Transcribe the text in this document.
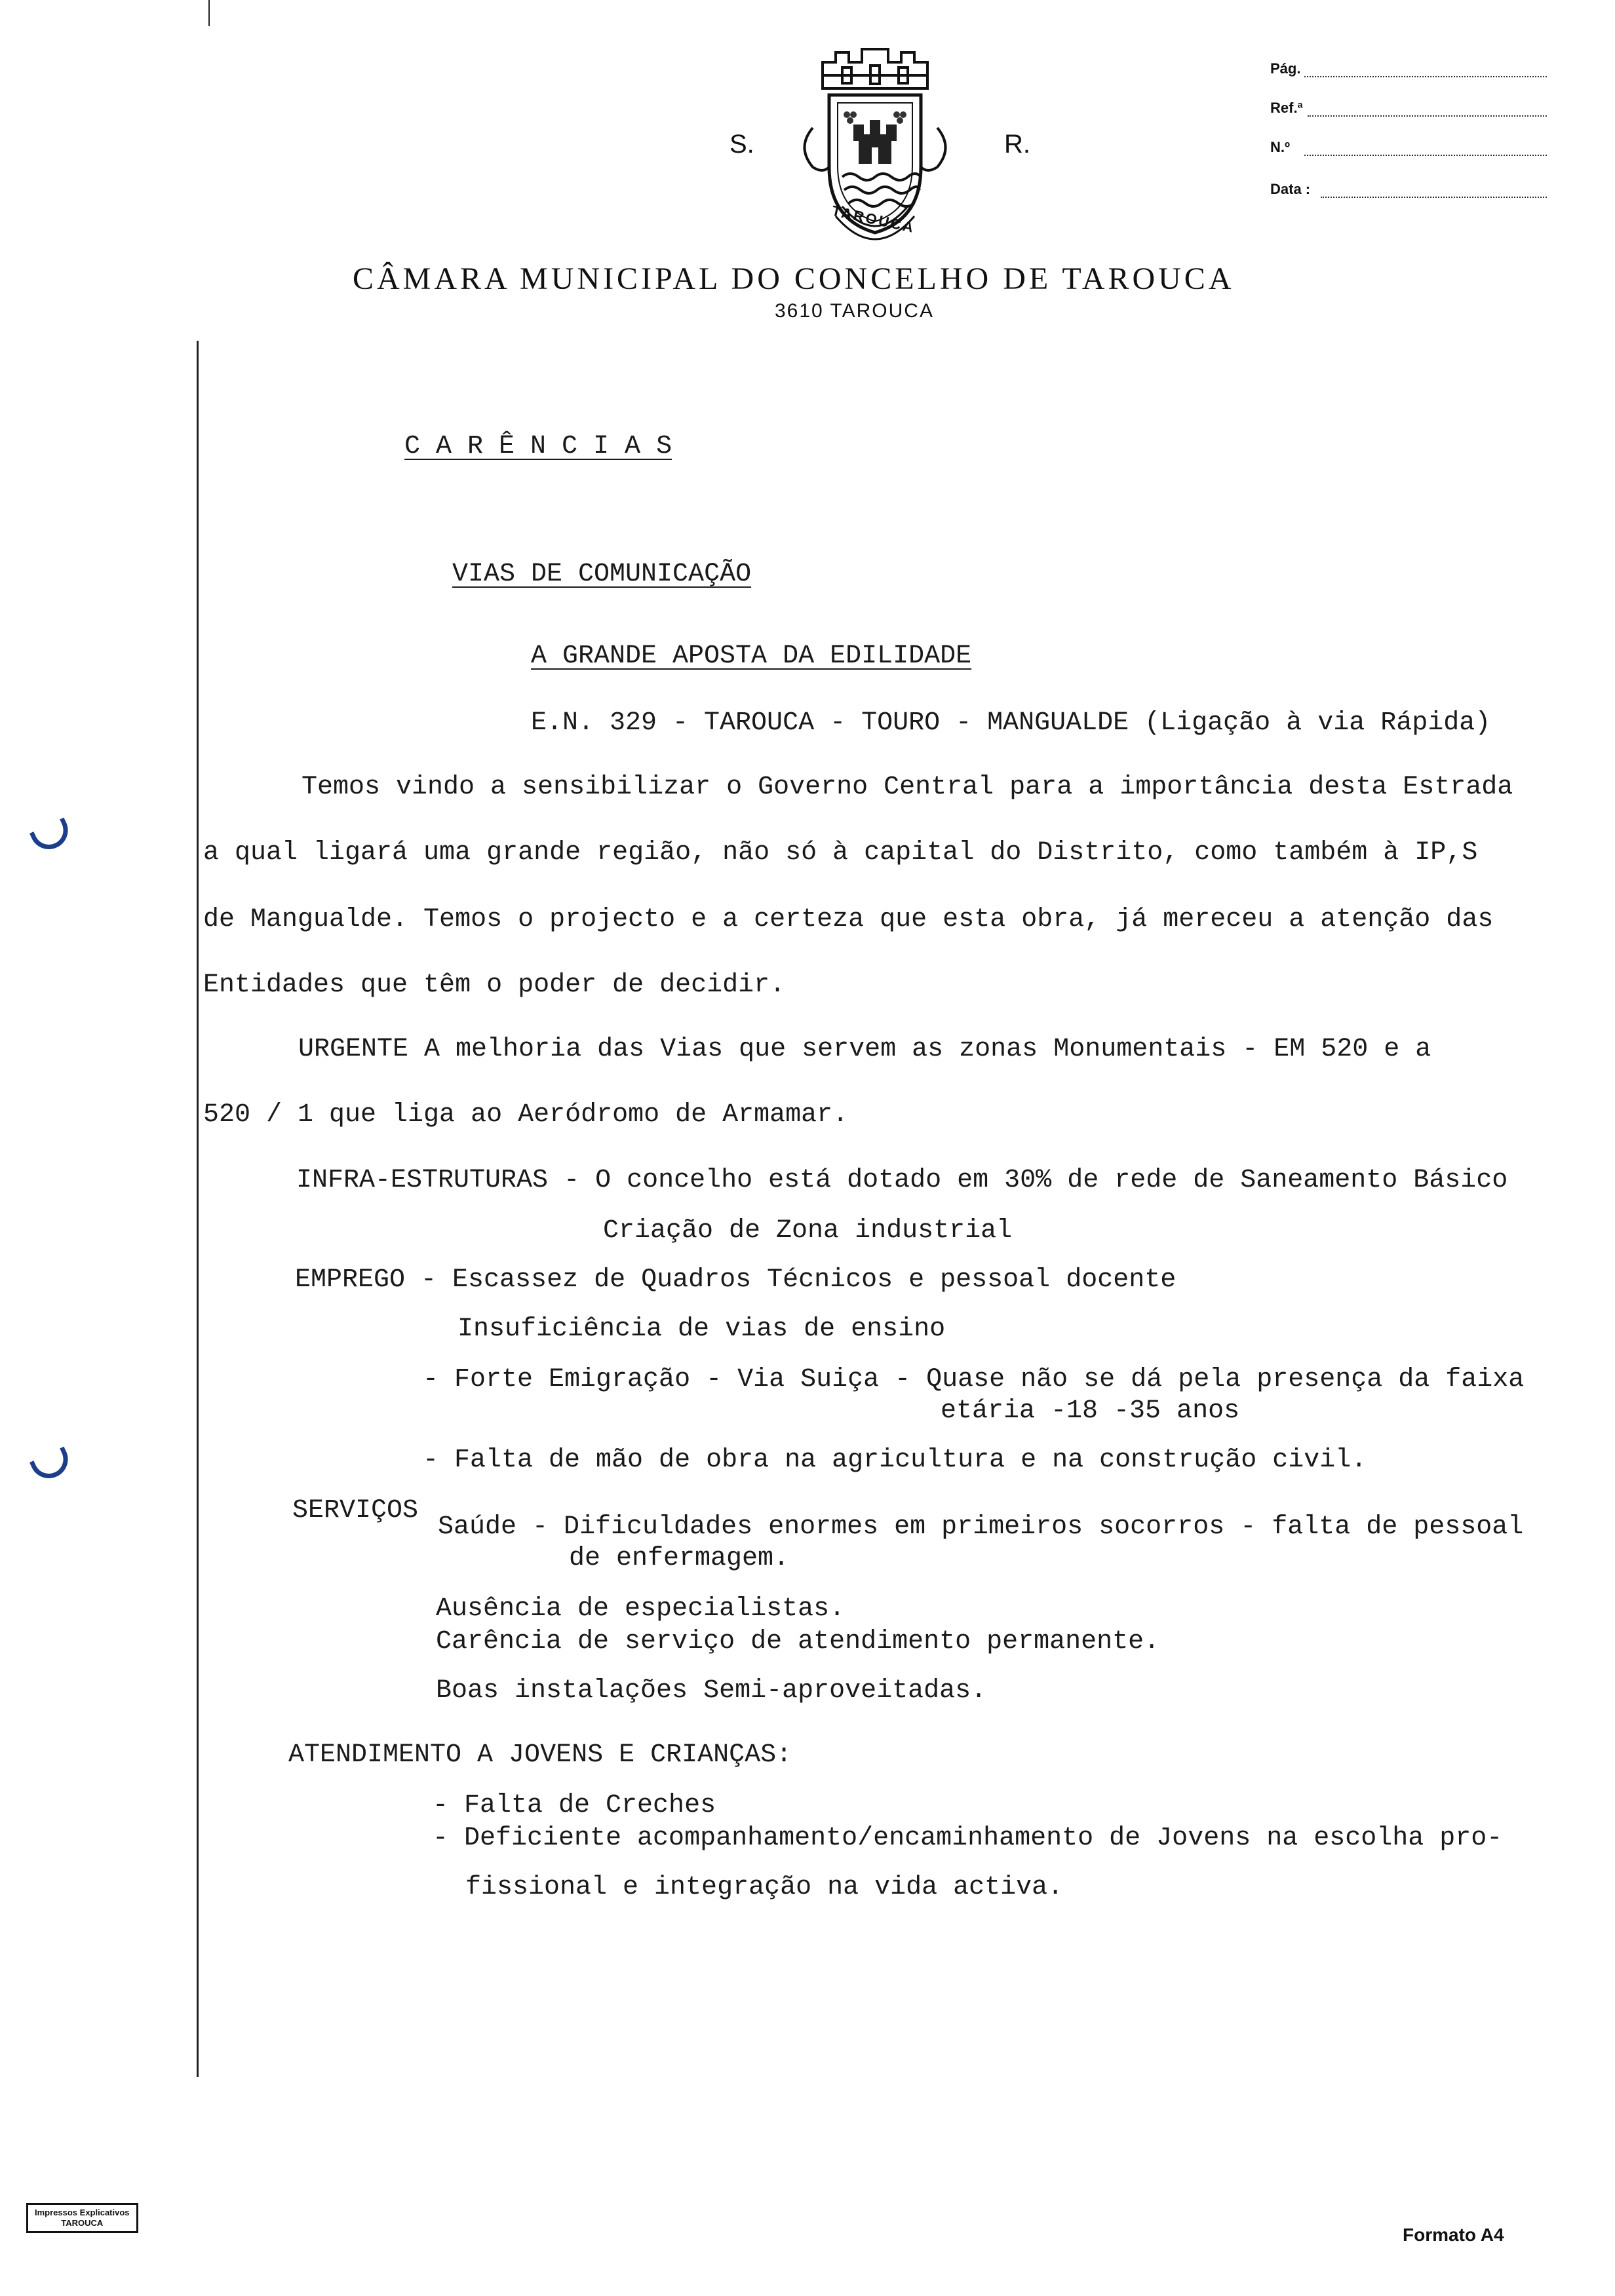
S.	R.
TAROUCA
Pág.
Ref.ª
N.º
Data :
CÂMARA MUNICIPAL DO CONCELHO DE TAROUCA
3610 TAROUCA
C A R Ê N C I A S
VIAS DE COMUNICAÇÃO
A GRANDE APOSTA DA EDILIDADE
E.N. 329 - TAROUCA - TOURO - MANGUALDE (Ligação à via Rápida)
Temos vindo a sensibilizar o Governo Central para a importância desta Estrada
a qual ligará uma grande região, não só à capital do Distrito, como também à IP,S
de Mangualde. Temos o projecto e a certeza que esta obra, já mereceu a atenção das
Entidades que têm o poder de decidir.
URGENTE A melhoria das Vias que servem as zonas Monumentais - EM 520 e a
520 / 1 que liga ao Aeródromo de Armamar.
INFRA-ESTRUTURAS - O concelho está dotado em 30% de rede de Saneamento Básico
Criação de Zona industrial
EMPREGO - Escassez de Quadros Técnicos e pessoal docente
Insuficiência de vias de ensino
- Forte Emigração - Via Suiça - Quase não se dá pela presença da faixa
etária -18 -35 anos
- Falta de mão de obra na agricultura e na construção civil.
SERVIÇOS
Saúde - Dificuldades enormes em primeiros socorros - falta de pessoal
de enfermagem.
Ausência de especialistas.
Carência de serviço de atendimento permanente.
Boas instalações Semi-aproveitadas.
ATENDIMENTO A JOVENS E CRIANÇAS:
- Falta de Creches
- Deficiente acompanhamento/encaminhamento de Jovens na escolha pro-
fissional e integração na vida activa.
Impressos Explicativos
TAROUCA
Formato A4
